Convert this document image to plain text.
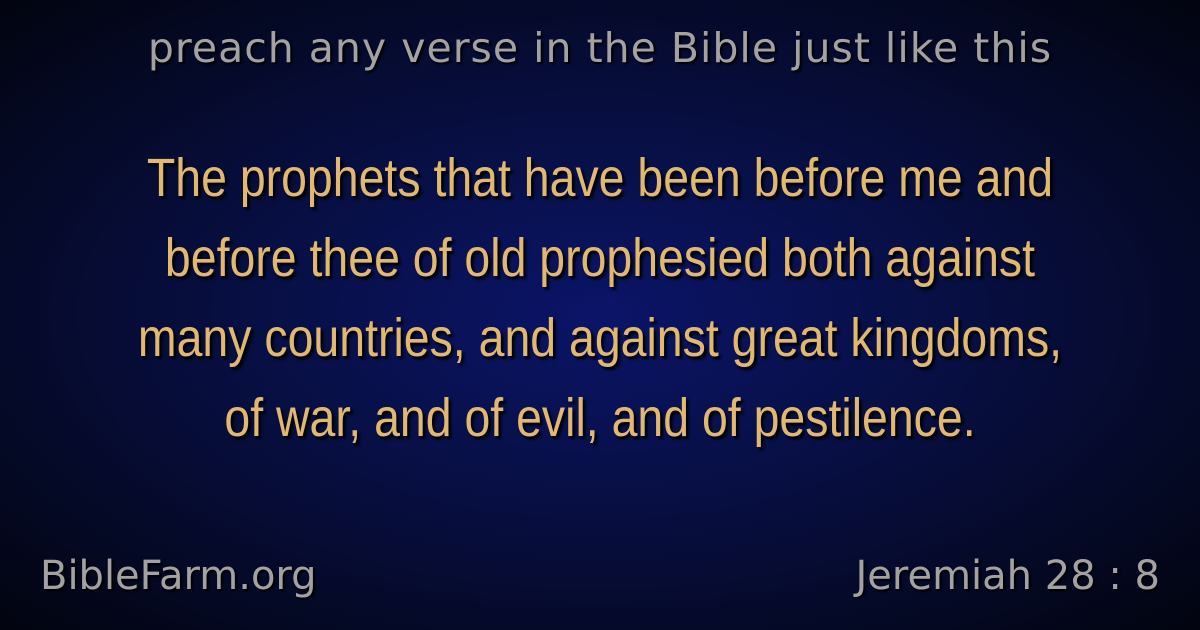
preach any verse in the Bible just like this
The prophets that have been before me and before thee of old prophesied both against many countries, and against great kingdoms, of war, and of evil, and of pestilence.
BibleFarm.org	Jeremiah 28 : 8
